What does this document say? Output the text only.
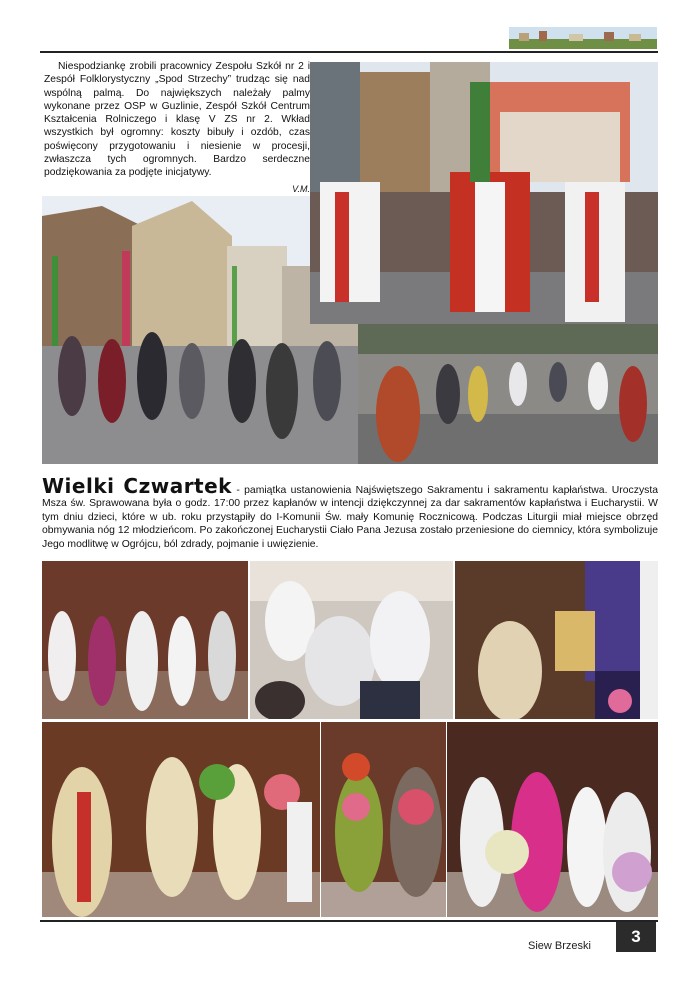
Niespodziankę zrobili pracownicy Zespołu Szkół nr 2 i Zespół Folklorystyczny „Spod Strzechy” trudząc się nad wspólną palmą. Do największych należały palmy wykonane przez OSP w Guzlinie, Zespół Szkół Centrum Kształcenia Rolniczego i klasę V ZS nr 2. Wkład wszystkich był ogromny: koszty bibuły i ozdób, czas poświęcony przygotowaniu i niesienie w procesji, zwłaszcza tych ogromnych. Bardzo serdeczne podziękowania za podjęte inicjatywy.
V.M.
Wielki Czwartek - pamiątka ustanowienia Najświętszego Sakramentu i sakramentu kapłaństwa. Uroczysta Msza św. Sprawowana była o godz. 17:00 przez kapłanów w intencji dziękczynnej za dar sakramentów kapłaństwa i Eucharystii. W tym dniu dzieci, które w ub. roku przystąpiły do I-Komunii Św. mały Komunię Rocznicową. Podczas Liturgii miał miejsce obrzęd obmywania nóg 12 młodzieńcom. Po zakończonej Eucharystii Ciało Pana Jezusa zostało przeniesione do ciemnicy, która symbolizuje Jego modlitwę w Ogrójcu, ból zdrady, pojmanie i uwięzienie.
Siew Brzeski	3
